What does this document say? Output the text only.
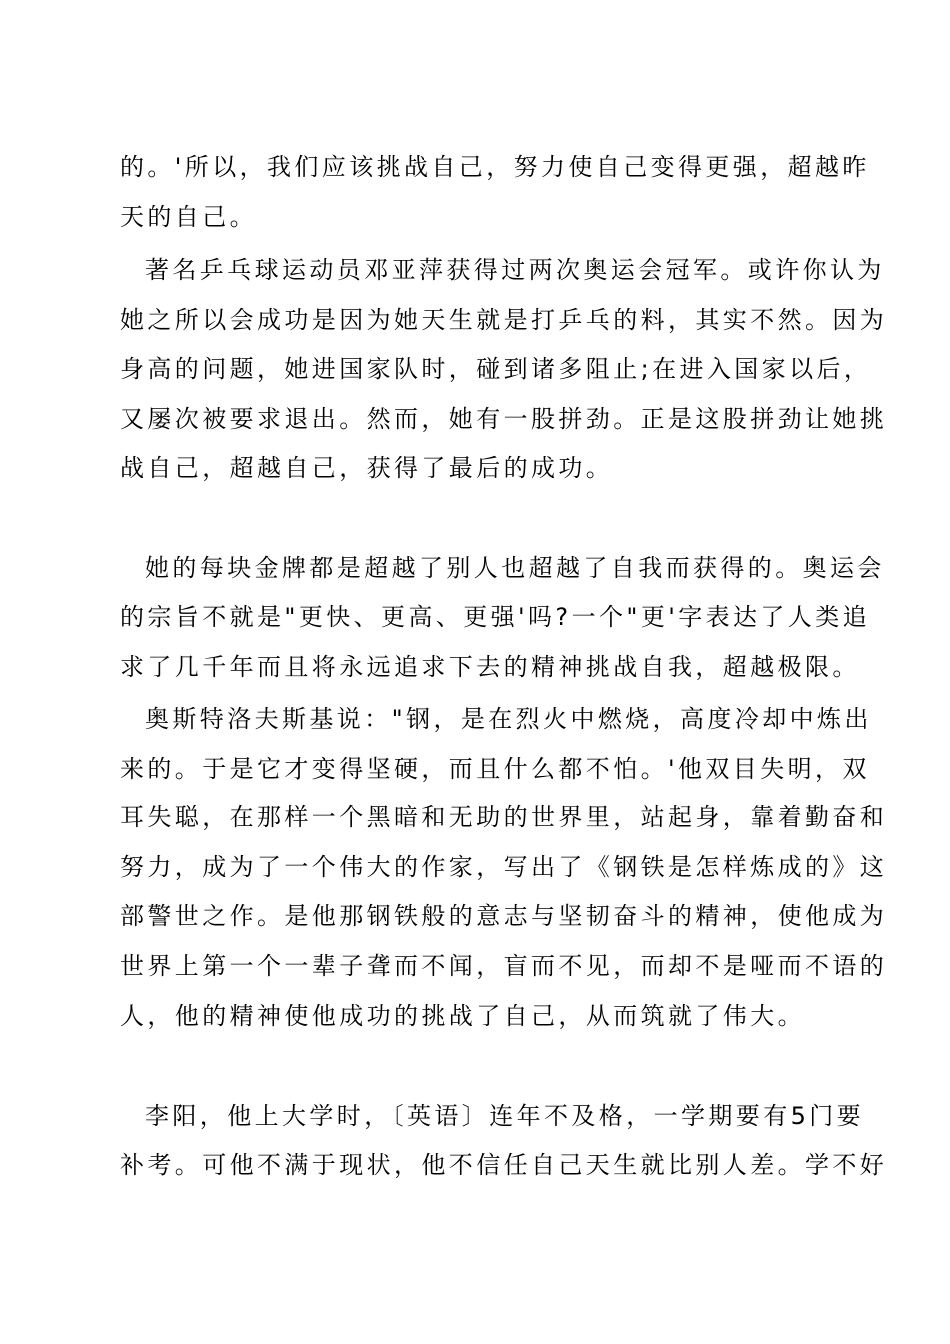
的。'所以，我们应该挑战自己，努力使自己变得更强，超越昨
天的自己。
著名乒乓球运动员邓亚萍获得过两次奥运会冠军。或许你认为
她之所以会成功是因为她天生就是打乒乓的料，其实不然。因为
身高的问题，她进国家队时，碰到诸多阻止;在进入国家以后，
又屡次被要求退出。然而，她有一股拼劲。正是这股拼劲让她挑
战自己，超越自己，获得了最后的成功。
她的每块金牌都是超越了别人也超越了自我而获得的。奥运会
的宗旨不就是"更快、更高、更强'吗?一个"更'字表达了人类追
求了几千年而且将永远追求下去的精神挑战自我，超越极限。
奥斯特洛夫斯基说："钢，是在烈火中燃烧，高度冷却中炼出
来的。于是它才变得坚硬，而且什么都不怕。'他双目失明，双
耳失聪，在那样一个黑暗和无助的世界里，站起身，靠着勤奋和
努力，成为了一个伟大的作家，写出了《钢铁是怎样炼成的》这
部警世之作。是他那钢铁般的意志与坚韧奋斗的精神，使他成为
世界上第一个一辈子聋而不闻，盲而不见，而却不是哑而不语的
人，他的精神使他成功的挑战了自己，从而筑就了伟大。
李阳，他上大学时，〔英语〕连年不及格，一学期要有5门要
补考。可他不满于现状，他不信任自己天生就比别人差。学不好
